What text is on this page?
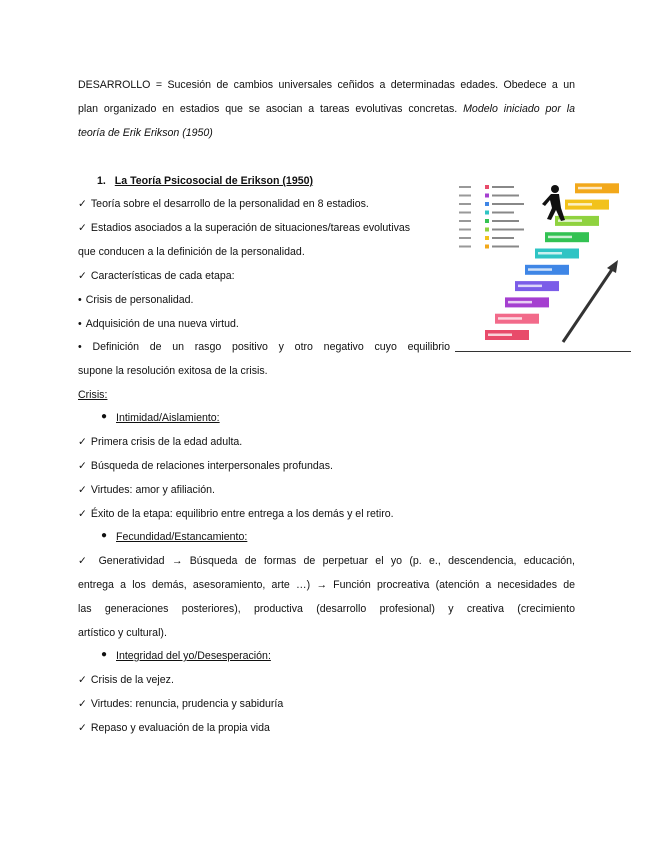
DESARROLLO = Sucesión de cambios universales ceñidos a determinadas edades. Obedece a un
plan organizado en estadios que se asocian a tareas evolutivas concretas. Modelo iniciado por la
teoría de Erik Erikson (1950)
1. La Teoría Psicosocial de Erikson (1950)
✓ Teoría sobre el desarrollo de la personalidad en 8 estadios.
✓ Estadios asociados a la superación de situaciones/tareas evolutivas
que conducen a la definición de la personalidad.
✓ Características de cada etapa:
• Crisis de personalidad.
• Adquisición de una nueva virtud.
• Definición de un rasgo positivo y otro negativo cuyo equilibrio
supone la resolución exitosa de la crisis.
Crisis:
● Intimidad/Aislamiento:
✓ Primera crisis de la edad adulta.
✓ Búsqueda de relaciones interpersonales profundas.
✓ Virtudes: amor y afiliación.
✓ Éxito de la etapa: equilibrio entre entrega a los demás y el retiro.
● Fecundidad/Estancamiento:
✓ Generatividad → Búsqueda de formas de perpetuar el yo (p. e., descendencia, educación,
entrega a los demás, asesoramiento, arte …) → Función procreativa (atención a necesidades de
las generaciones posteriores), productiva (desarrollo profesional) y creativa (crecimiento
artístico y cultural).
● Integridad del yo/Desesperación:
✓ Crisis de la vejez.
✓ Virtudes: renuncia, prudencia y sabiduría
✓ Repaso y evaluación de la propia vida
